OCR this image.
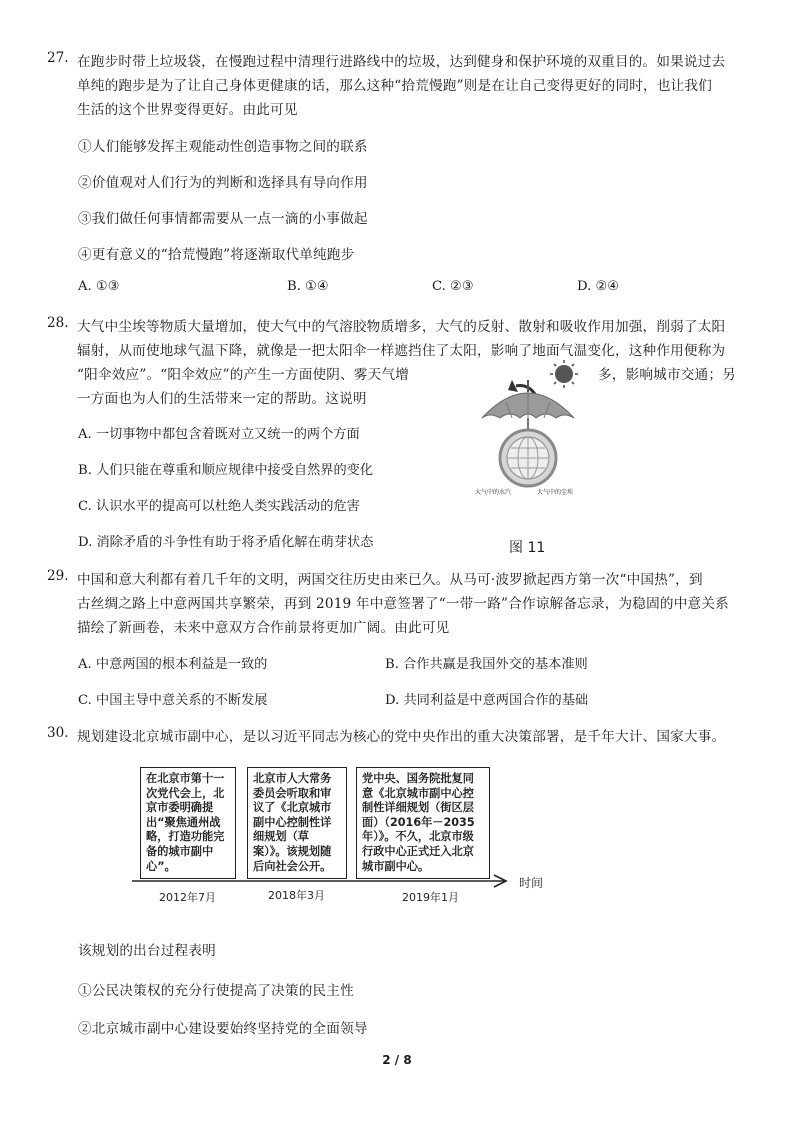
27. 在跑步时带上垃圾袋，在慢跑过程中清理行进路线中的垃圾，达到健身和保护环境的双重目的。如果说过去
单纯的跑步是为了让自己身体更健康的话，那么这种“拾荒慢跑”则是在让自己变得更好的同时，也让我们
生活的这个世界变得更好。由此可见
①人们能够发挥主观能动性创造事物之间的联系
②价值观对人们行为的判断和选择具有导向作用
③我们做任何事情都需要从一点一滴的小事做起
④更有意义的“拾荒慢跑”将逐渐取代单纯跑步
A. ①③	B. ①④	C. ②③	D. ②④
28. 大气中尘埃等物质大量增加，使大气中的气溶胶物质增多，大气的反射、散射和吸收作用加强，削弱了太阳
辐射，从而使地球气温下降，就像是一把太阳伞一样遮挡住了太阳，影响了地面气温变化，这种作用便称为
“阳伞效应”。“阳伞效应”的产生一方面使阴、雾天气增	多，影响城市交通；另
一方面也为人们的生活带来一定的帮助。这说明
A. 一切事物中都包含着既对立又统一的两个方面
B. 人们只能在尊重和顺应规律中接受自然界的变化
C. 认识水平的提高可以杜绝人类实践活动的危害
D. 消除矛盾的斗争性有助于将矛盾化解在萌芽状态
大气中的水汽	大气中的尘埃
图 11
29. 中国和意大利都有着几千年的文明，两国交往历史由来已久。从马可·波罗掀起西方第一次“中国热”，到
古丝绸之路上中意两国共享繁荣，再到 2019 年中意签署了“一带一路”合作谅解备忘录，为稳固的中意关系
描绘了新画卷，未来中意双方合作前景将更加广阔。由此可见
A. 中意两国的根本利益是一致的	B. 合作共赢是我国外交的基本准则
C. 中国主导中意关系的不断发展	D. 共同利益是中意两国合作的基础
30. 规划建设北京城市副中心，是以习近平同志为核心的党中央作出的重大决策部署，是千年大计、国家大事。
在北京市第十一次党代会上，北京市委明确提出“聚焦通州战略，打造功能完备的城市副中心”。
北京市人大常务委员会听取和审议了《北京城市副中心控制性详细规划（草案）》。该规划随后向社会公开。
党中央、国务院批复同意《北京城市副中心控制性详细规划（街区层面）（2016年－2035年）》。不久，北京市级行政中心正式迁入北京城市副中心。
时间
2012年7月	2018年3月	2019年1月
该规划的出台过程表明
①公民决策权的充分行使提高了决策的民主性
②北京城市副中心建设要始终坚持党的全面领导
2 / 8
